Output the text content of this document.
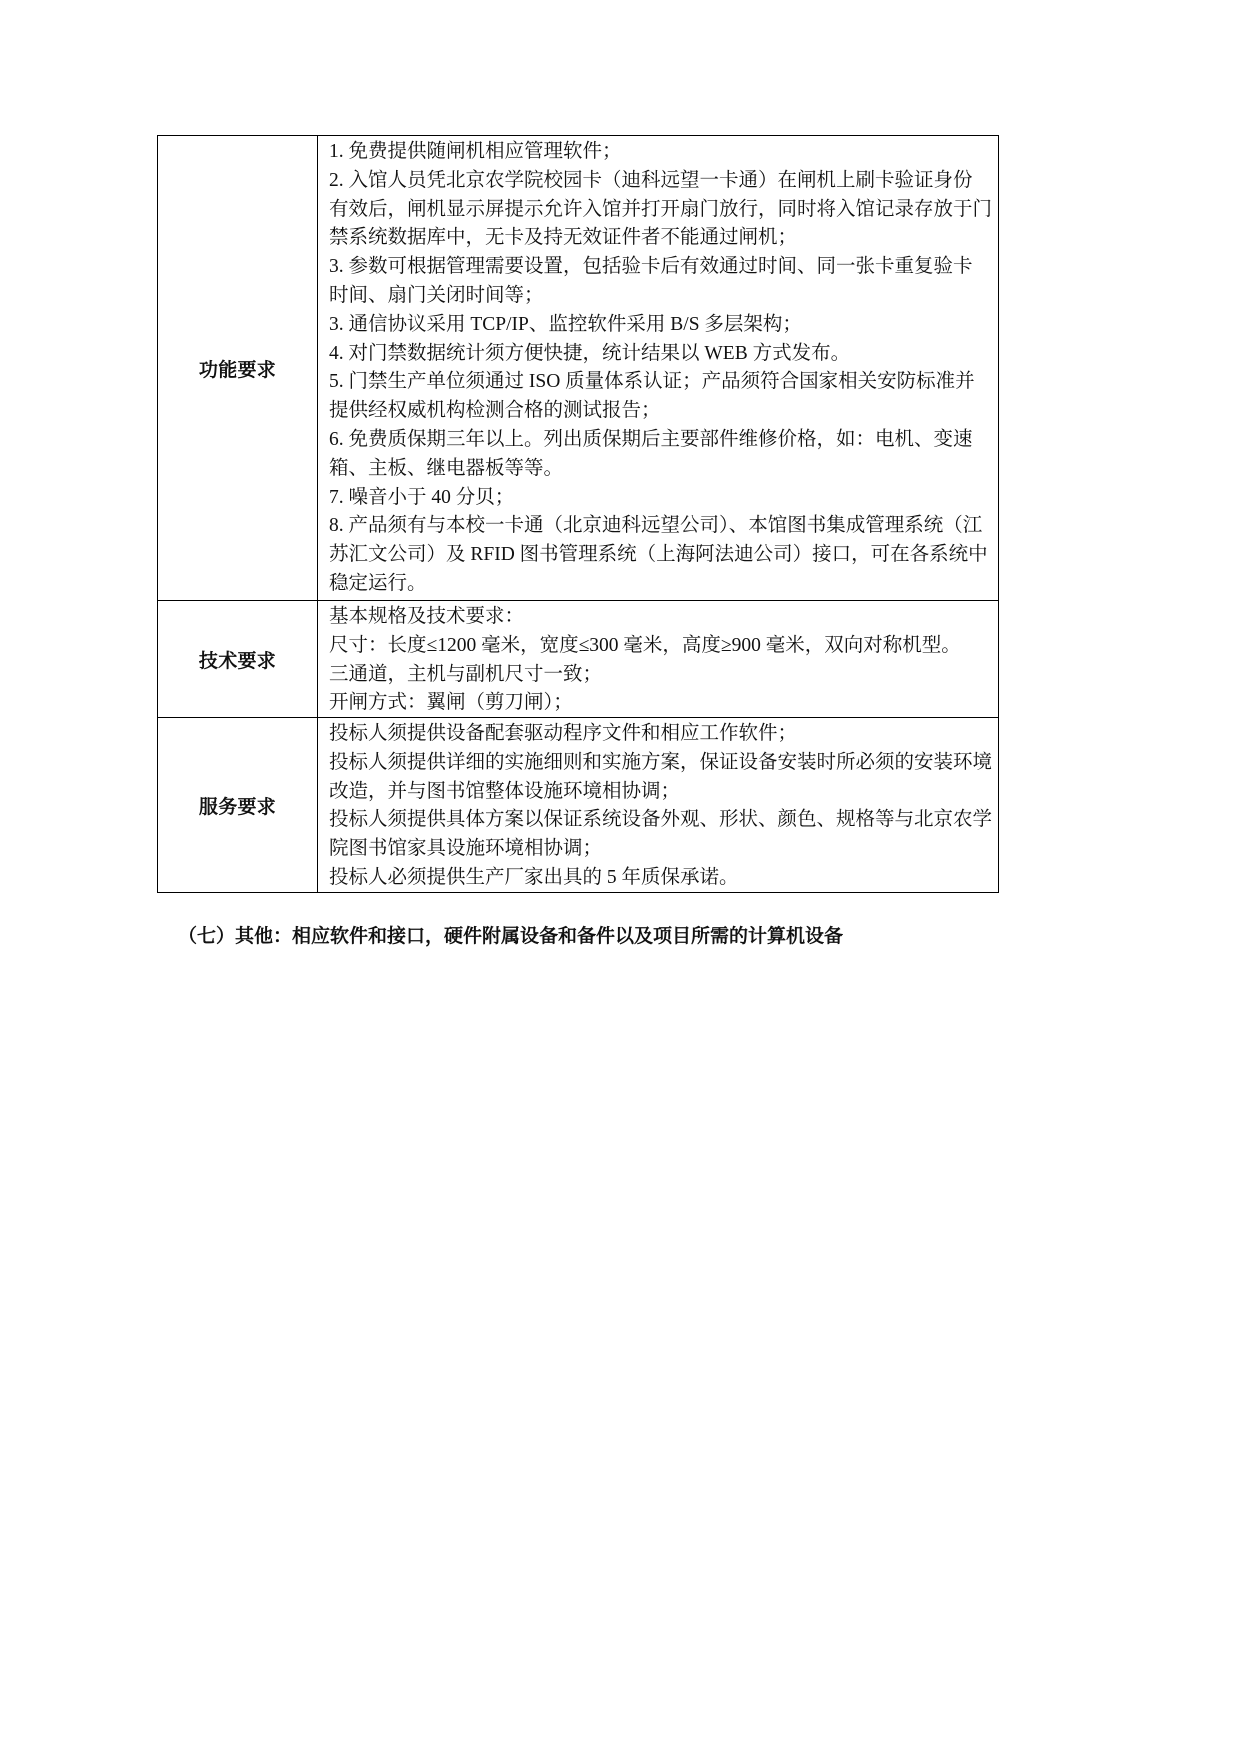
功能要求
1. 免费提供随闸机相应管理软件；
2. 入馆人员凭北京农学院校园卡（迪科远望一卡通）在闸机上刷卡验证身份
有效后，闸机显示屏提示允许入馆并打开扇门放行，同时将入馆记录存放于门
禁系统数据库中，无卡及持无效证件者不能通过闸机；
3. 参数可根据管理需要设置，包括验卡后有效通过时间、同一张卡重复验卡
时间、扇门关闭时间等；
3. 通信协议采用 TCP/IP、监控软件采用 B/S 多层架构；
4. 对门禁数据统计须方便快捷，统计结果以 WEB 方式发布。
5. 门禁生产单位须通过 ISO 质量体系认证；产品须符合国家相关安防标准并
提供经权威机构检测合格的测试报告；
6. 免费质保期三年以上。列出质保期后主要部件维修价格，如：电机、变速
箱、主板、继电器板等等。
7. 噪音小于 40 分贝；
8. 产品须有与本校一卡通（北京迪科远望公司）、本馆图书集成管理系统（江
苏汇文公司）及 RFID 图书管理系统（上海阿法迪公司）接口，可在各系统中
稳定运行。
技术要求
基本规格及技术要求：
尺寸：长度≤1200 毫米，宽度≤300 毫米，高度≥900 毫米，双向对称机型。
三通道，主机与副机尺寸一致；
开闸方式：翼闸（剪刀闸）；
服务要求
投标人须提供设备配套驱动程序文件和相应工作软件；
投标人须提供详细的实施细则和实施方案，保证设备安装时所必须的安装环境
改造，并与图书馆整体设施环境相协调；
投标人须提供具体方案以保证系统设备外观、形状、颜色、规格等与北京农学
院图书馆家具设施环境相协调；
投标人必须提供生产厂家出具的 5 年质保承诺。
（七）其他：相应软件和接口，硬件附属设备和备件以及项目所需的计算机设备
